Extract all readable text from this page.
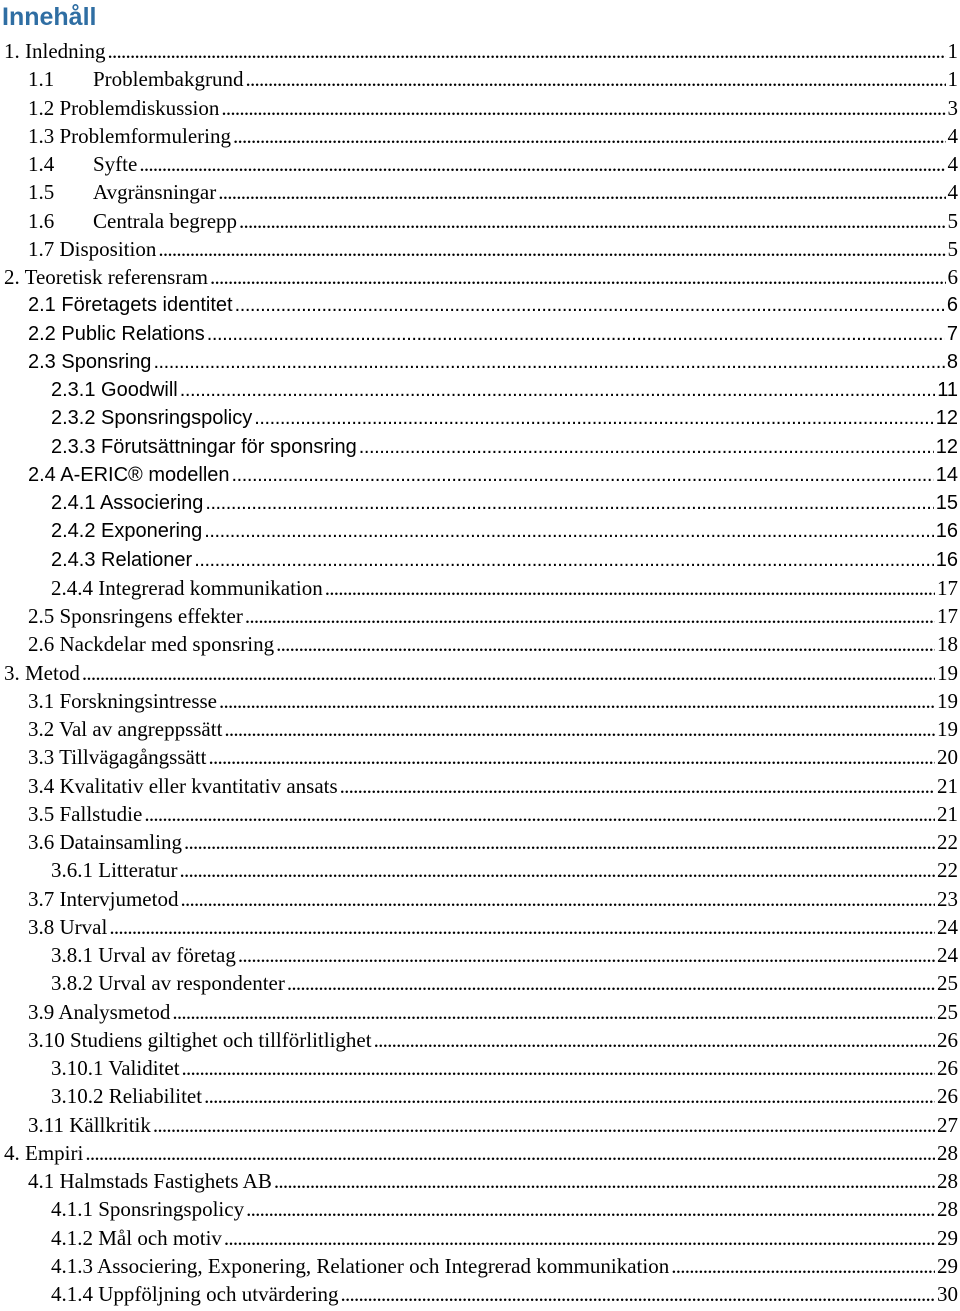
Innehåll
1. Inledning . . .	1
1.1 Problembakgrund . . .	1
1.2 Problemdiskussion . . .	3
1.3 Problemformulering . . .	4
1.4 Syfte . . .	4
1.5 Avgränsningar . . .	4
1.6 Centrala begrepp . . .	5
1.7 Disposition . . .	5
2. Teoretisk referensram . . .	6
2.1 Företagets identitet . . .	6
2.2 Public Relations . . .	7
2.3 Sponsring . . .	8
2.3.1 Goodwill . . .	11
2.3.2 Sponsringspolicy . . .	12
2.3.3 Förutsättningar för sponsring . . .	12
2.4 A-ERIC® modellen . . .	14
2.4.1 Associering . . .	15
2.4.2 Exponering . . .	16
2.4.3 Relationer . . .	16
2.4.4 Integrerad kommunikation . . .	17
2.5 Sponsringens effekter . . .	17
2.6 Nackdelar med sponsring . . .	18
3. Metod . . .	19
3.1 Forskningsintresse . . .	19
3.2 Val av angreppssätt . . .	19
3.3 Tillvägagångssätt . . .	20
3.4 Kvalitativ eller kvantitativ ansats . . .	21
3.5 Fallstudie . . .	21
3.6 Datainsamling . . .	22
3.6.1 Litteratur . . .	22
3.7 Intervjumetod . . .	23
3.8 Urval . . .	24
3.8.1 Urval av företag . . .	24
3.8.2 Urval av respondenter . . .	25
3.9 Analysmetod . . .	25
3.10 Studiens giltighet och tillförlitlighet . . .	26
3.10.1 Validitet . . .	26
3.10.2 Reliabilitet . . .	26
3.11 Källkritik . . .	27
4. Empiri . . .	28
4.1 Halmstads Fastighets AB . . .	28
4.1.1 Sponsringspolicy . . .	28
4.1.2 Mål och motiv . . .	29
4.1.3 Associering, Exponering, Relationer och Integrerad kommunikation . . .	29
4.1.4 Uppföljning och utvärdering . . .	30
